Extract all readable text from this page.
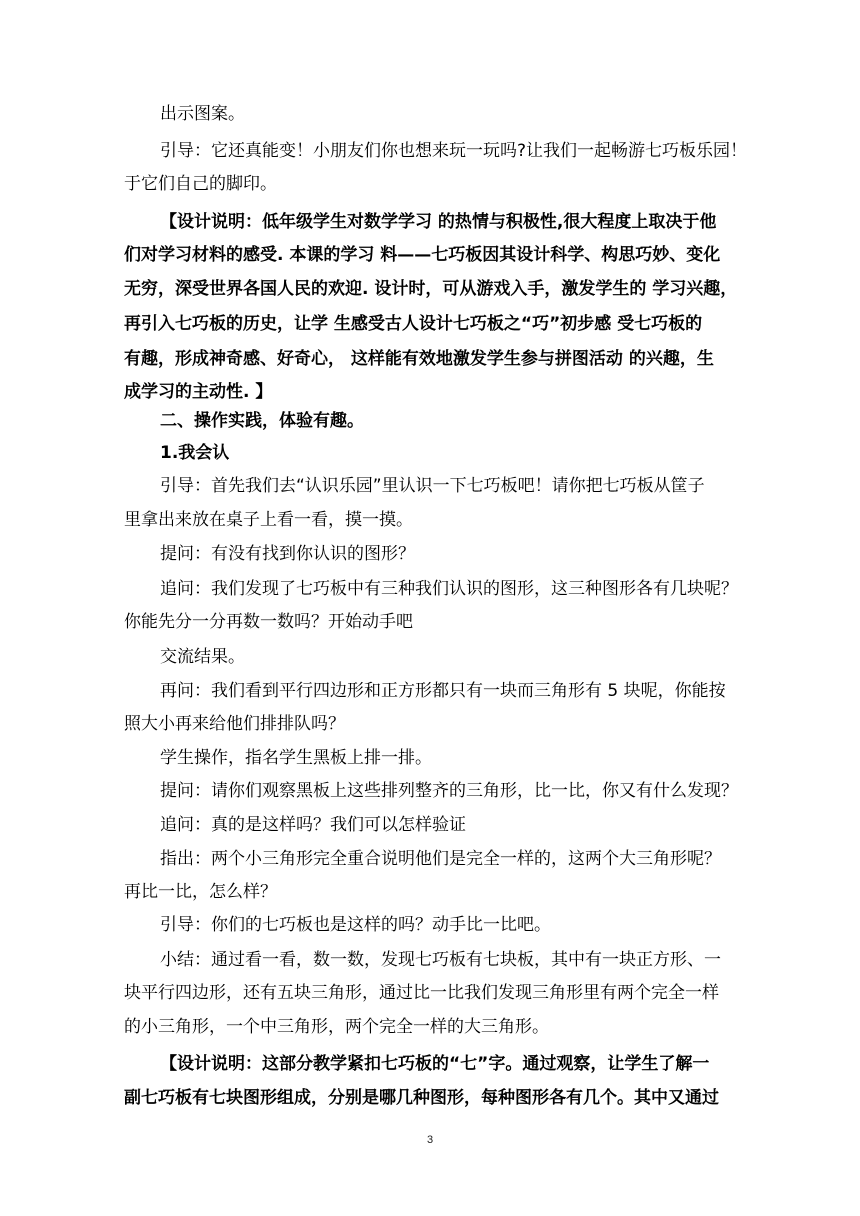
出示图案。
引导：它还真能变！小朋友们你也想来玩一玩吗?让我们一起畅游七巧板乐园！
于它们自己的脚印。
【设计说明：低年级学生对数学学习 的热情与积极性,很大程度上取决于他
们对学习材料的感受. 本课的学习 料——七巧板因其设计科学、构思巧妙、变化
无穷，深受世界各国人民的欢迎. 设计时，可从游戏入手，激发学生的 学习兴趣，
再引入七巧板的历史，让学 生感受古人设计七巧板之“巧”初步感 受七巧板的
有趣，形成神奇感、好奇心， 这样能有效地激发学生参与拼图活动 的兴趣，生
成学习的主动性. 】
二、操作实践，体验有趣。
1.我会认
引导：首先我们去“认识乐园”里认识一下七巧板吧！请你把七巧板从筐子
里拿出来放在桌子上看一看，摸一摸。
提问：有没有找到你认识的图形？
追问：我们发现了七巧板中有三种我们认识的图形，这三种图形各有几块呢？
你能先分一分再数一数吗？开始动手吧
交流结果。
再问：我们看到平行四边形和正方形都只有一块而三角形有 5 块呢，你能按
照大小再来给他们排排队吗？
学生操作，指名学生黑板上排一排。
提问：请你们观察黑板上这些排列整齐的三角形，比一比，你又有什么发现？
追问：真的是这样吗？我们可以怎样验证
指出：两个小三角形完全重合说明他们是完全一样的，这两个大三角形呢？
再比一比，怎么样？
引导：你们的七巧板也是这样的吗？动手比一比吧。
小结：通过看一看，数一数，发现七巧板有七块板，其中有一块正方形、一
块平行四边形，还有五块三角形，通过比一比我们发现三角形里有两个完全一样
的小三角形，一个中三角形，两个完全一样的大三角形。
【设计说明：这部分教学紧扣七巧板的“七”字。通过观察，让学生了解一
副七巧板有七块图形组成，分别是哪几种图形，每种图形各有几个。其中又通过
3
